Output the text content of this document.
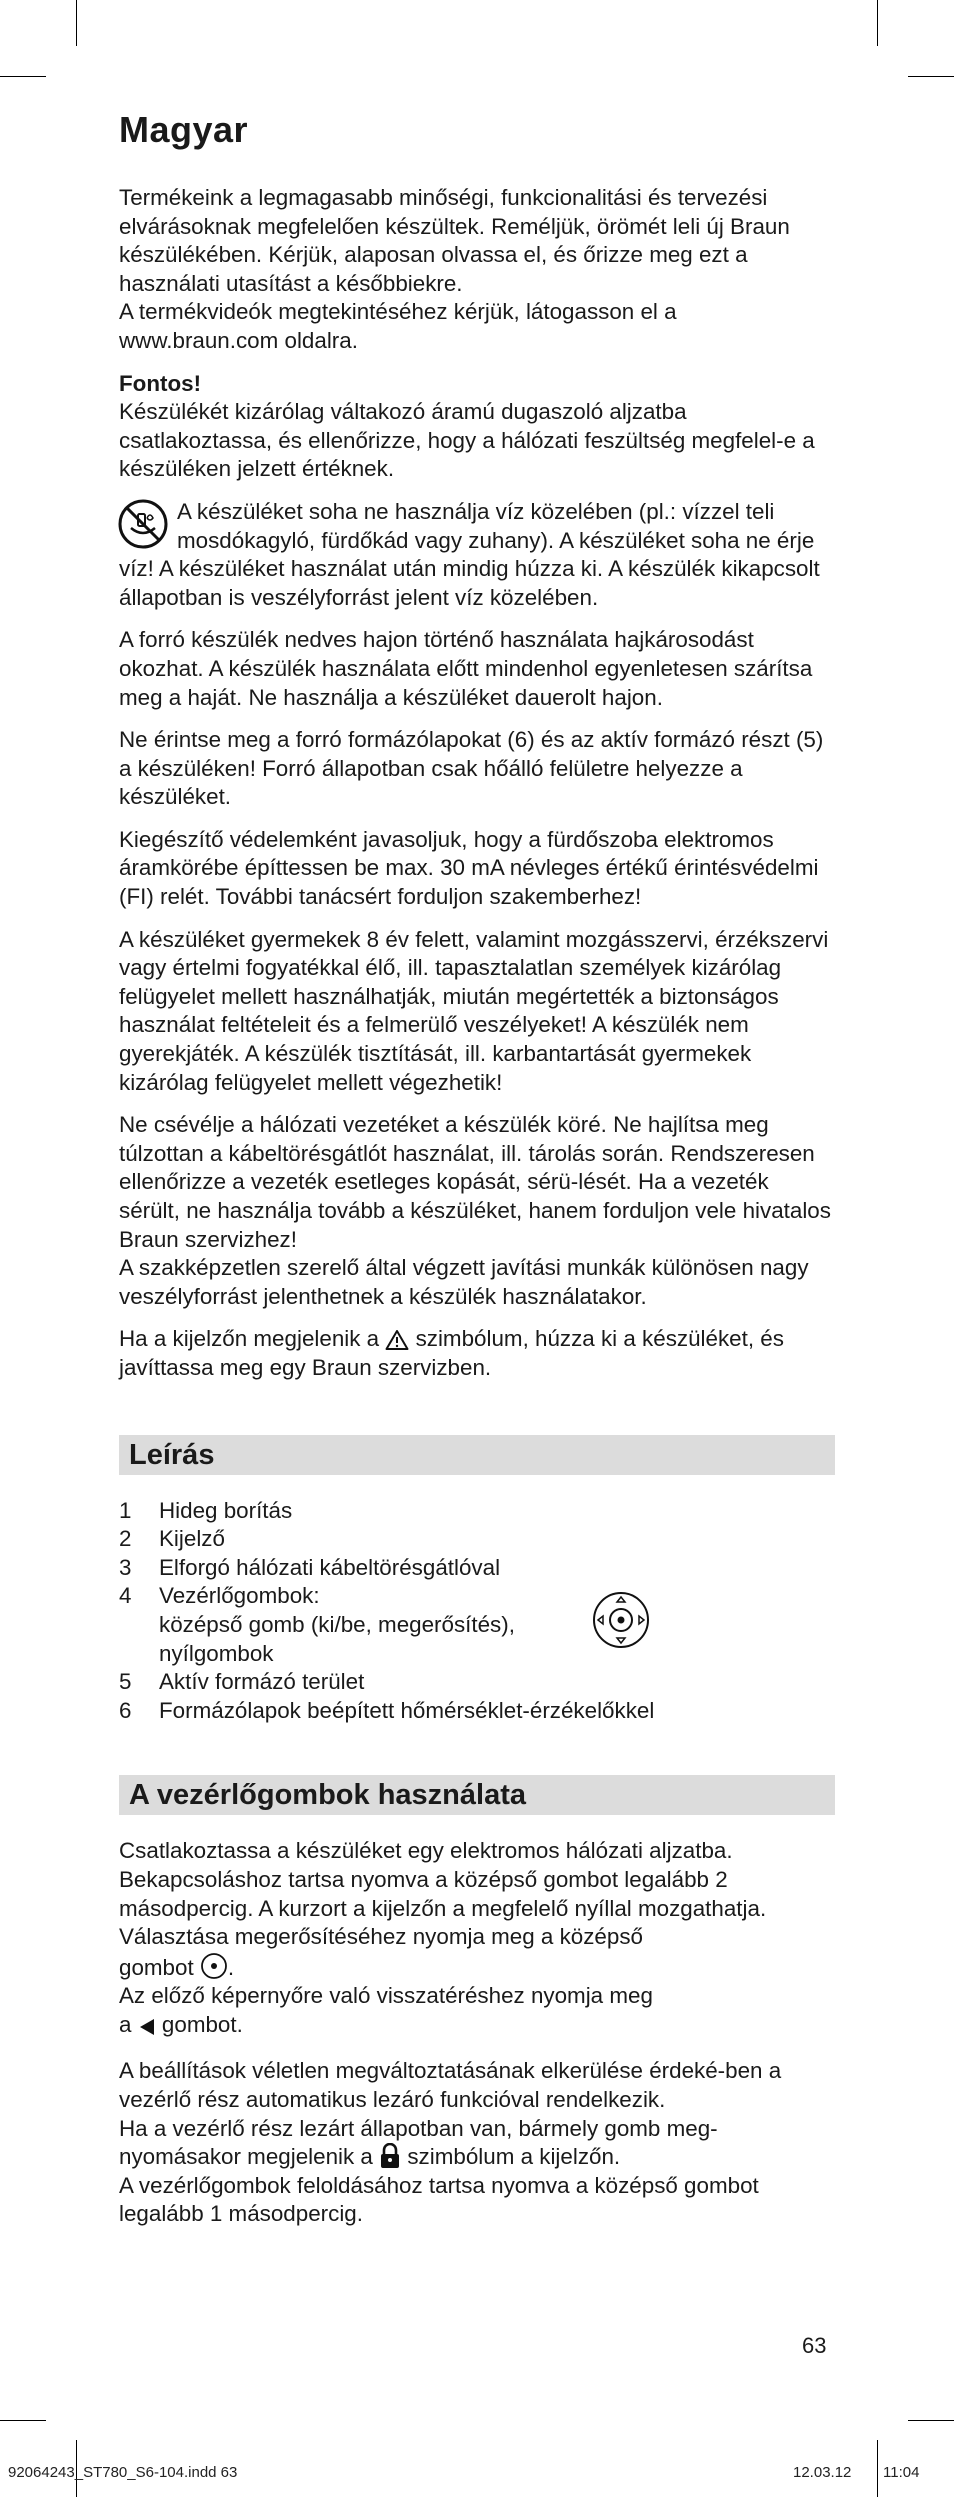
Magyar

Termékeink a legmagasabb minőségi, funkcionalitási és tervezési elvárásoknak megfelelően készültek. Reméljük, örömét leli új Braun készülékében. Kérjük, alaposan olvassa el, és őrizze meg ezt a használati utasítást a későbbiekre.
A termékvideók megtekintéséhez kérjük, látogasson el a www.braun.com oldalra.

Fontos!
Készülékét kizárólag váltakozó áramú dugaszoló aljzatba csatlakoztassa, és ellenőrizze, hogy a hálózati feszültség megfelel-e a készüléken jelzett értéknek.

A készüléket soha ne használja víz közelében (pl.: vízzel teli mosdókagyló, fürdőkád vagy zuhany). A készüléket soha ne érje víz! A készüléket használat után mindig húzza ki. A készülék kikapcsolt állapotban is veszélyforrást jelent víz közelében.

A forró készülék nedves hajon történő használata hajkárosodást okozhat. A készülék használata előtt mindenhol egyenletesen szárítsa meg a haját. Ne használja a készüléket dauerolt hajon.

Ne érintse meg a forró formázólapokat (6) és az aktív formázó részt (5) a készüléken! Forró állapotban csak hőálló felületre helyezze a készüléket.

Kiegészítő védelemként javasoljuk, hogy a fürdőszoba elektromos áramkörébe építtessen be max. 30 mA névleges értékű érintésvédelmi (FI) relét. További tanácsért forduljon szakemberhez!

A készüléket gyermekek 8 év felett, valamint mozgásszervi, érzékszervi vagy értelmi fogyatékkal élő, ill. tapasztalatlan személyek kizárólag felügyelet mellett használhatják, miután megértették a biztonságos használat feltételeit és a felmerülő veszélyeket! A készülék nem gyerekjáték. A készülék tisztítását, ill. karbantartását gyermekek kizárólag felügyelet mellett végezhetik!

Ne csévélje a hálózati vezetéket a készülék köré. Ne hajlítsa meg túlzottan a kábeltörésgátlót használat, ill. tárolás során. Rendszeresen ellenőrizze a vezeték esetleges kopását, sérü-lését. Ha a vezeték sérült, ne használja tovább a készüléket, hanem forduljon vele hivatalos Braun szervizhez!
A szakképzetlen szerelő által végzett javítási munkák különösen nagy veszélyforrást jelenthetnek a készülék használatakor.

Ha a kijelzőn megjelenik a  szimbólum, húzza ki a készüléket, és javíttassa meg egy Braun szervizben.

Leírás
1	Hideg borítás
2	Kijelző
3	Elforgó hálózati kábeltörésgátlóval
4	Vezérlőgombok:
középső gomb (ki/be, megerősítés),
nyílgombok
5	Aktív formázó terület
6	Formázólapok beépített hőmérséklet-érzékelőkkel
A vezérlőgombok használata

Csatlakoztassa a készüléket egy elektromos hálózati aljzatba.
Bekapcsoláshoz tartsa nyomva a középső gombot legalább 2 másodpercig. A kurzort a kijelzőn a megfelelő nyíllal mozgathatja.
Választása megerősítéséhez nyomja meg a középső
gombot .
Az előző képernyőre való visszatéréshez nyomja meg
a gombot.

A beállítások véletlen megváltoztatásának elkerülése érdeké-ben a vezérlő rész automatikus lezáró funkcióval rendelkezik.
Ha a vezérlő rész lezárt állapotban van, bármely gomb meg-nyomásakor megjelenik a szimbólum a kijelzőn.
A vezérlőgombok feloldásához tartsa nyomva a középső gombot legalább 1 másodpercig.

63
92064243_ST780_S6-104.indd 63	12.03.12 11:04
